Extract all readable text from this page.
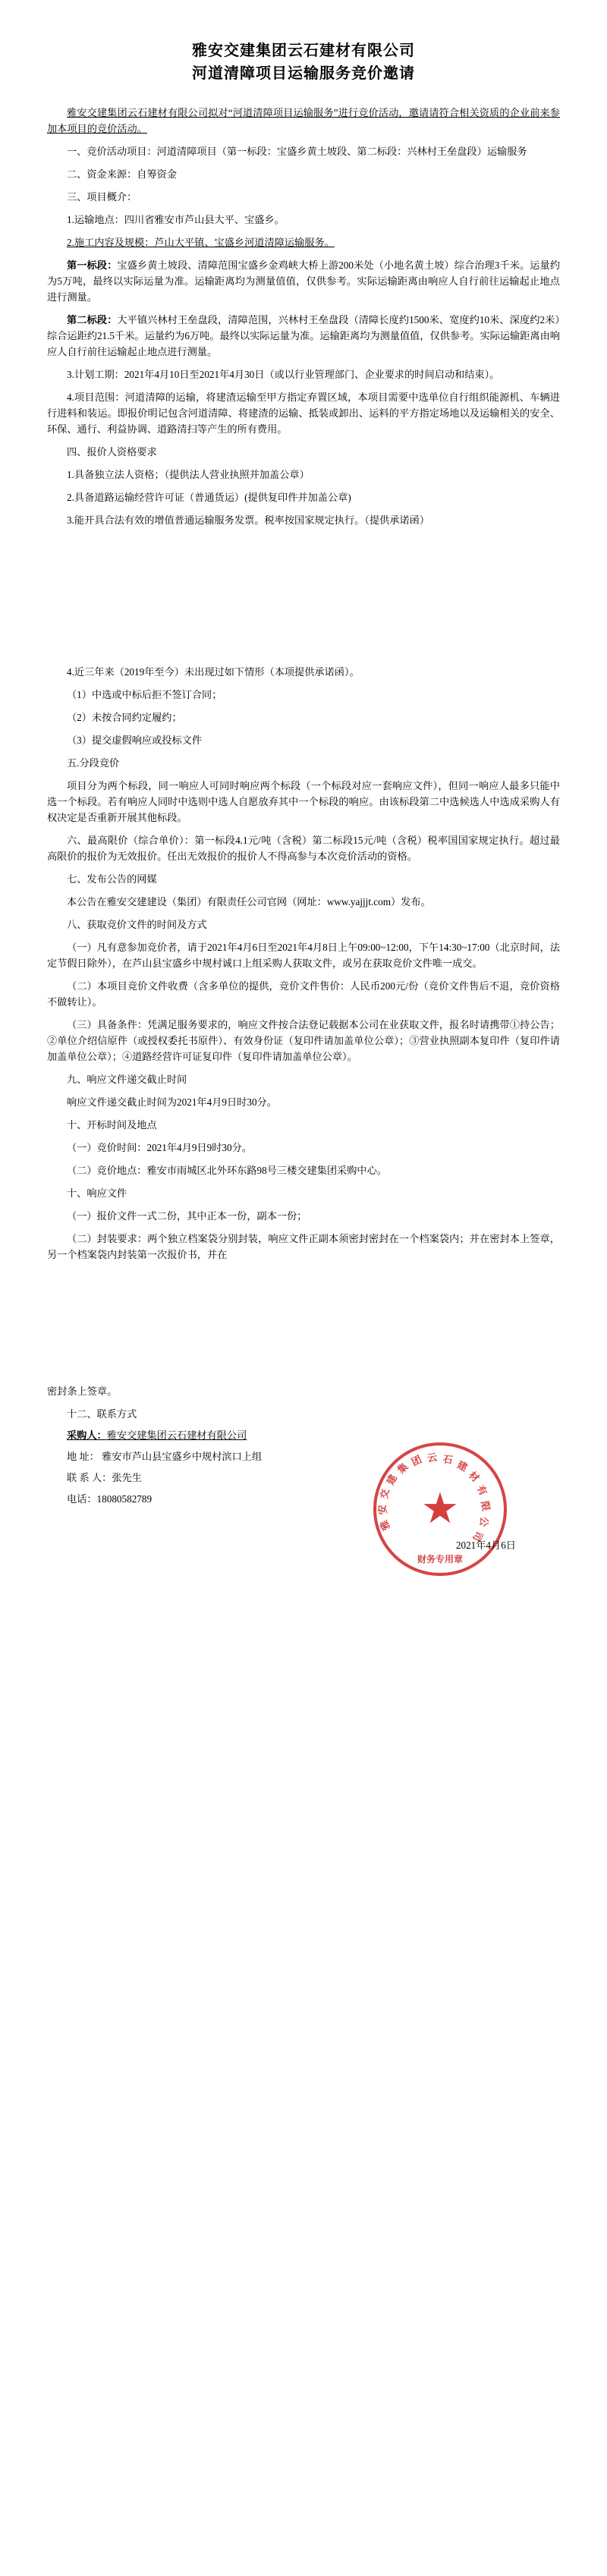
雅安交建集团云石建材有限公司
河道清障项目运输服务竞价邀请

雅安交建集团云石建材有限公司拟对“河道清障项目运输服务”进行竞价活动，邀请请符合相关资质的企业前来参加本项目的竞价活动。

一、竞价活动项目：河道清障项目（第一标段：宝盛乡黄土坡段、第二标段：兴林村王垒盘段）运输服务

二、资金来源：自筹资金

三、项目概介：

1.运输地点：四川省雅安市芦山县大平、宝盛乡。

2.施工内容及规模：芦山大平镇、宝盛乡河道清障运输服务。

第一标段：宝盛乡黄土坡段、清障范围宝盛乡金鸡峡大桥上游200米处（小地名黄土坡）综合治理3千米。运量约为5万吨，最终以实际运量为准。运输距离均为测量值值，仅供参考。实际运输距离由响应人自行前往运输起止地点进行测量。

第二标段：大平镇兴林村王垒盘段，清障范围，兴林村王垒盘段（清障长度约1500米、宽度约10米、深度约2米）综合运距约21.5千米。运量约为6万吨。最终以实际运量为准。运输距离均为测量值值，仅供参考。实际运输距离由响应人自行前往运输起止地点进行测量。

3.计划工期：2021年4月10日至2021年4月30日（或以行业管理部门、企业要求的时间启动和结束）。

4.项目范围：河道清障的运输，将建渣运输至甲方指定弃置区域，本项目需要中选单位自行组织能源机、车辆进行进料和装运。即报价明记包含河道清障、将建渣的运输、抵装或卸出、运料的平方指定场地以及运输相关的安全、环保、通行、利益协调、道路清扫等产生的所有费用。

四、报价人资格要求

1.具备独立法人资格；（提供法人营业执照并加盖公章）

2.具备道路运输经营许可证（普通货运）(提供复印件并加盖公章)

3.能开具合法有效的增值普通运输服务发票。税率按国家规定执行。（提供承诺函）

4.近三年来（2019年至今）未出现过如下情形（本项提供承诺函）。

（1）中选或中标后拒不签订合同；

（2）未按合同约定履约；

（3）提交虚假响应或投标文件

五.分段竞价

项目分为两个标段，同一响应人可同时响应两个标段（一个标段对应一套响应文件），但同一响应人最多只能中选一个标段。若有响应人同时中选则中选人自愿放弃其中一个标段的响应。由该标段第二中选候选人中选成采购人有权决定是否重新开展其他标段。

六、最高限价（综合单价）：第一标段4.1元/吨（含税）第二标段15元/吨（含税）税率国国家规定执行。超过最高限价的报价为无效报价。任出无效报价的报价人不得高参与本次竞价活动的资格。

七、发布公告的网媒

本公告在雅安交建建设（集团）有限责任公司官网（网址：www.yajjjt.com）发布。

八、获取竞价文件的时间及方式

（一）凡有意参加竞价者，请于2021年4月6日至2021年4月8日上午09:00~12:00，下午14:30~17:00（北京时间，法定节假日除外），在芦山县宝盛乡中规村诚口上组采购人获取文件，或另在获取竞价文件唯一成交。

（二）本项目竞价文件收费（含多单位的提供，竞价文件售价：人民币200元/份（竞价文件售后不退，竞价资格不做转让）。

（三）具备条件：凭满足服务要求的，响应文件按合法登记载据本公司在业获取文件，报名时请携带①持公告；②单位介绍信原件（或授权委托书原件）、有效身份证（复印件请加盖单位公章）；③营业执照副本复印件（复印件请加盖单位公章）；④道路经营许可证复印件（复印件请加盖单位公章）。

九、响应文件递交截止时间

响应文件递交截止时间为2021年4月9日时30分。

十、开标时间及地点

（一）竞价时间：2021年4月9日9时30分。

（二）竞价地点：雅安市雨城区北外环东路98号三楼交建集团采购中心。

十、响应文件

（一）报价文件一式二份，其中正本一份，副本一份；

（二）封装要求：两个独立档案袋分别封装，响应文件正副本须密封密封在一个档案袋内；并在密封本上签章，另一个档案袋内封装第一次报价书，并在

密封条上签章。

十二、联系方式

采购人：雅安交建集团云石建材有限公司

地 址： 雅安市芦山县宝盛乡中规村滨口上组

联 系 人：张先生

电话：18080582789

雅
安
交
建
集
团 云 石 建
材
有
限
公
司
★
财务专用章
2021年4月6日
